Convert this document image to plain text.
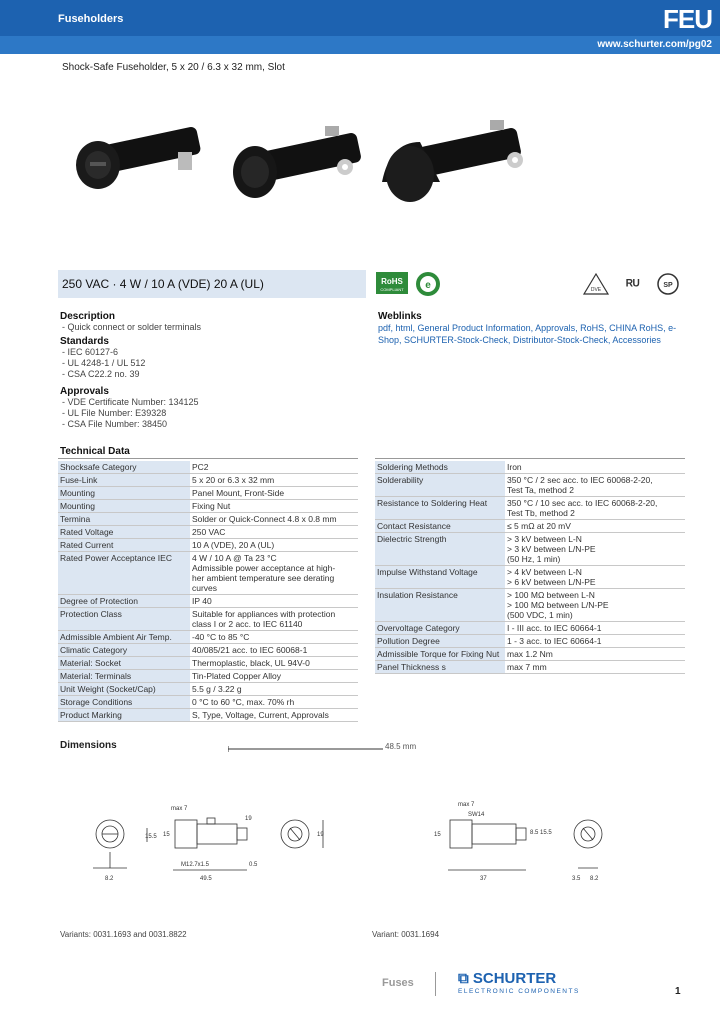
Fuseholders	FEU
www.schurter.com/pg02
Shock-Safe Fuseholder, 5 x 20 / 6.3 x 32 mm, Slot
250 VAC · 4 W / 10 A (VDE) 20 A (UL)	RoHS
COMPLIANT e	DVE ᴿᵁ	SP
Description
- Quick connect or solder terminals
Standards
- IEC 60127-6
- UL 4248-1 / UL 512
- CSA C22.2 no. 39
Approvals
- VDE Certificate Number: 134125
- UL File Number: E39328
- CSA File Number: 38450
Weblinks
pdf, html, General Product Information, Approvals, RoHS, CHINA RoHS, e-Shop, SCHURTER-Stock-Check, Distributor-Stock-Check, Accessories
Technical Data
Shocksafe Category	PC2

Fuse-Link	5 x 20 or 6.3 x 32 mm

Mounting	Panel Mount, Front-Side

Mounting	Fixing Nut

Termina	Solder or Quick-Connect 4.8 x 0.8 mm

Rated Voltage	250 VAC

Rated Current	10 A (VDE), 20 A (UL)

Rated Power Acceptance IEC	4 W / 10 A @ Ta 23 °C
Admissible power acceptance at high-
her ambient temperature see derating
curves

Degree of Protection	IP 40

Protection Class	Suitable for appliances with protection
class I or 2 acc. to IEC 61140

Admissible Ambient Air Temp.	-40 °C to 85 °C

Climatic Category	40/085/21 acc. to IEC 60068-1

Material: Socket	Thermoplastic, black, UL 94V-0

Material: Terminals	Tin-Plated Copper Alloy

Unit Weight (Socket/Cap)	5.5 g / 3.22 g

Storage Conditions	0 °C to 60 °C, max. 70% rh

Product Marking	S, Type, Voltage, Current, Approvals
Soldering Methods	Iron

Solderability	350 °C / 2 sec acc. to IEC 60068-2-20,
Test Ta, method 2

Resistance to Soldering Heat	350 °C / 10 sec acc. to IEC 60068-2-20,
Test Tb, method 2

Contact Resistance	≤ 5 mΩ at 20 mV

Dielectric Strength	> 3 kV between L-N
> 3 kV between L/N-PE
(50 Hz, 1 min)

Impulse Withstand Voltage	> 4 kV between L-N
> 6 kV between L/N-PE

Insulation Resistance	> 100 MΩ between L-N
> 100 MΩ between L/N-PE
(500 VDC, 1 min)

Overvoltage Category	I - III acc. to IEC 60664-1

Pollution Degree	1 - 3 acc. to IEC 60664-1

Admissible Torque for Fixing Nut	max 1.2 Nm

Panel Thickness s	max 7 mm
Dimensions	48.5 mm
max 7
15
19
15.5
M12.7x1.5
8.2	49.5
0.5
19
max 7
SW14
15	8.5 15.5
37	3.5 8.2
Variants: 0031.1693 and 0031.8822	Variant: 0031.1694
Fuses	⧉ SCHURTER
ELECTRONIC COMPONENTS	1
